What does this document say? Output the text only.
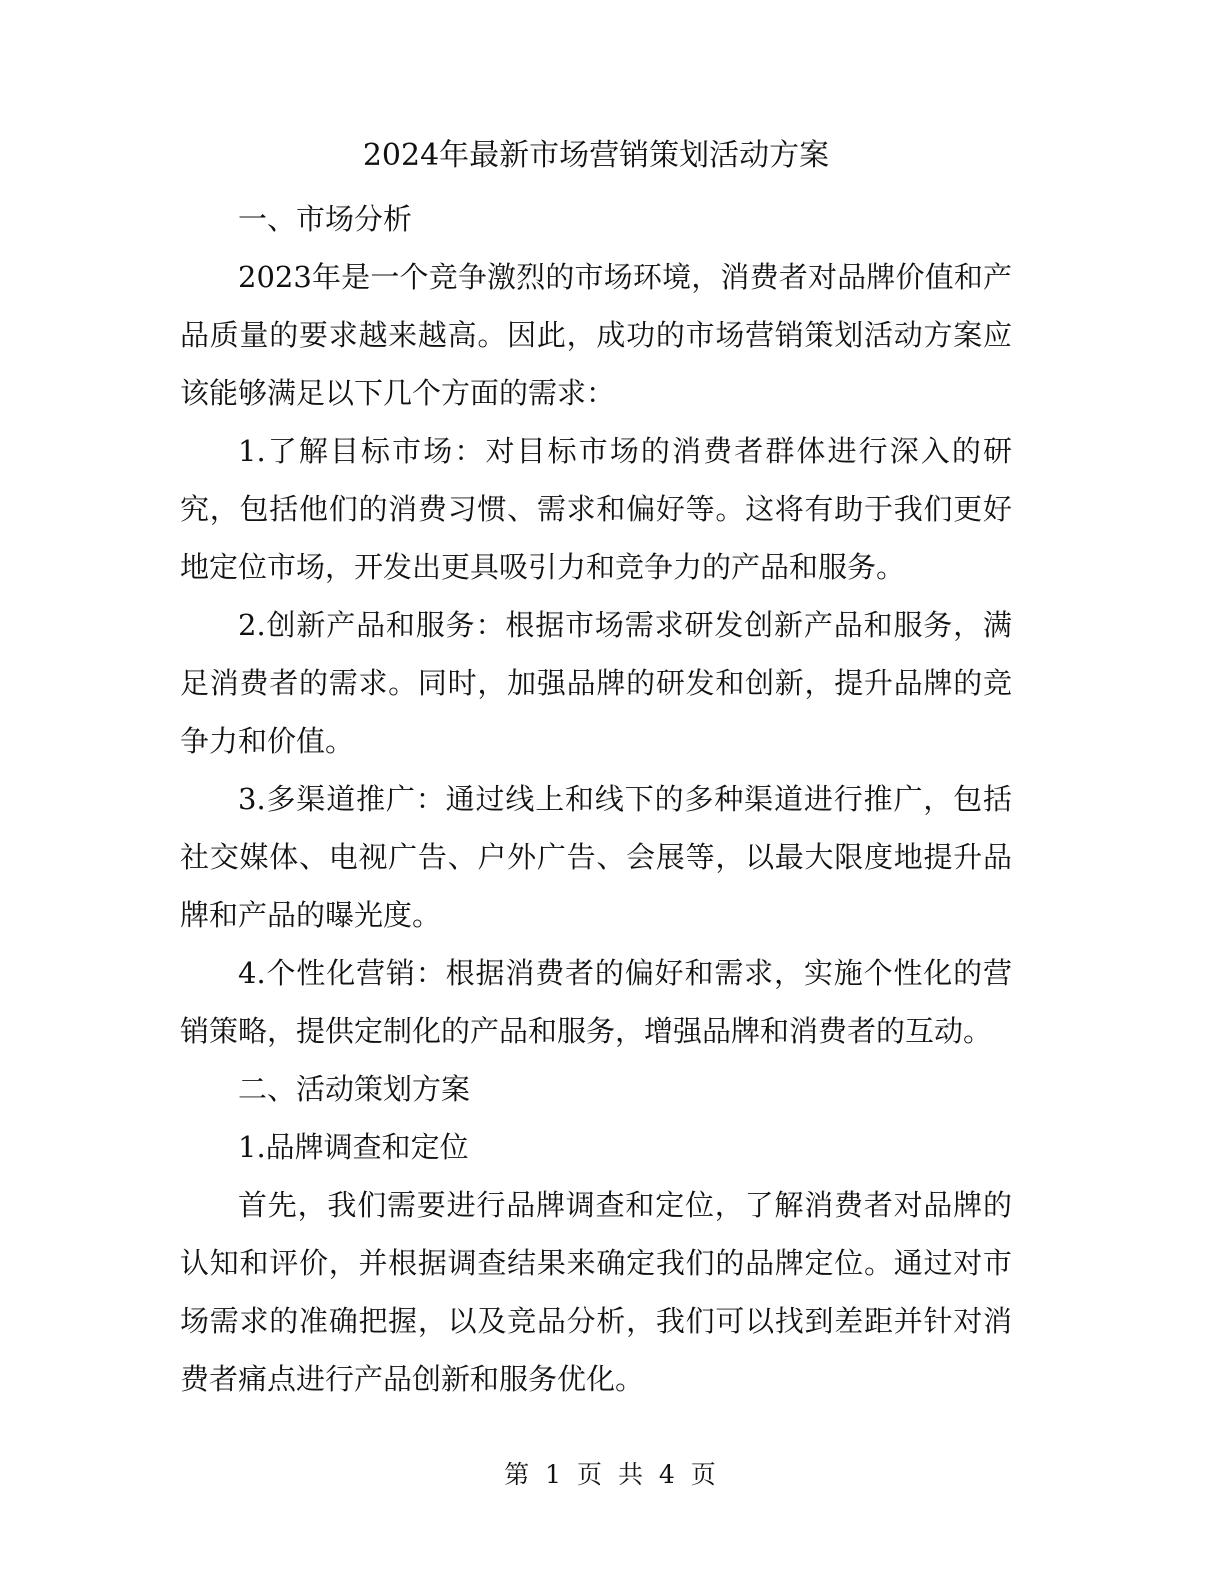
2024年最新市场营销策划活动方案

一、市场分析

2023年是一个竞争激烈的市场环境，消费者对品牌价值和产品质量的要求越来越高。因此，成功的市场营销策划活动方案应该能够满足以下几个方面的需求：

1.了解目标市场：对目标市场的消费者群体进行深入的研究，包括他们的消费习惯、需求和偏好等。这将有助于我们更好地定位市场，开发出更具吸引力和竞争力的产品和服务。

2.创新产品和服务：根据市场需求研发创新产品和服务，满足消费者的需求。同时，加强品牌的研发和创新，提升品牌的竞争力和价值。

3.多渠道推广：通过线上和线下的多种渠道进行推广，包括社交媒体、电视广告、户外广告、会展等，以最大限度地提升品牌和产品的曝光度。

4.个性化营销：根据消费者的偏好和需求，实施个性化的营销策略，提供定制化的产品和服务，增强品牌和消费者的互动。

二、活动策划方案

1.品牌调查和定位

首先，我们需要进行品牌调查和定位，了解消费者对品牌的认知和评价，并根据调查结果来确定我们的品牌定位。通过对市场需求的准确把握，以及竞品分析，我们可以找到差距并针对消费者痛点进行产品创新和服务优化。

第 1 页 共 4 页
